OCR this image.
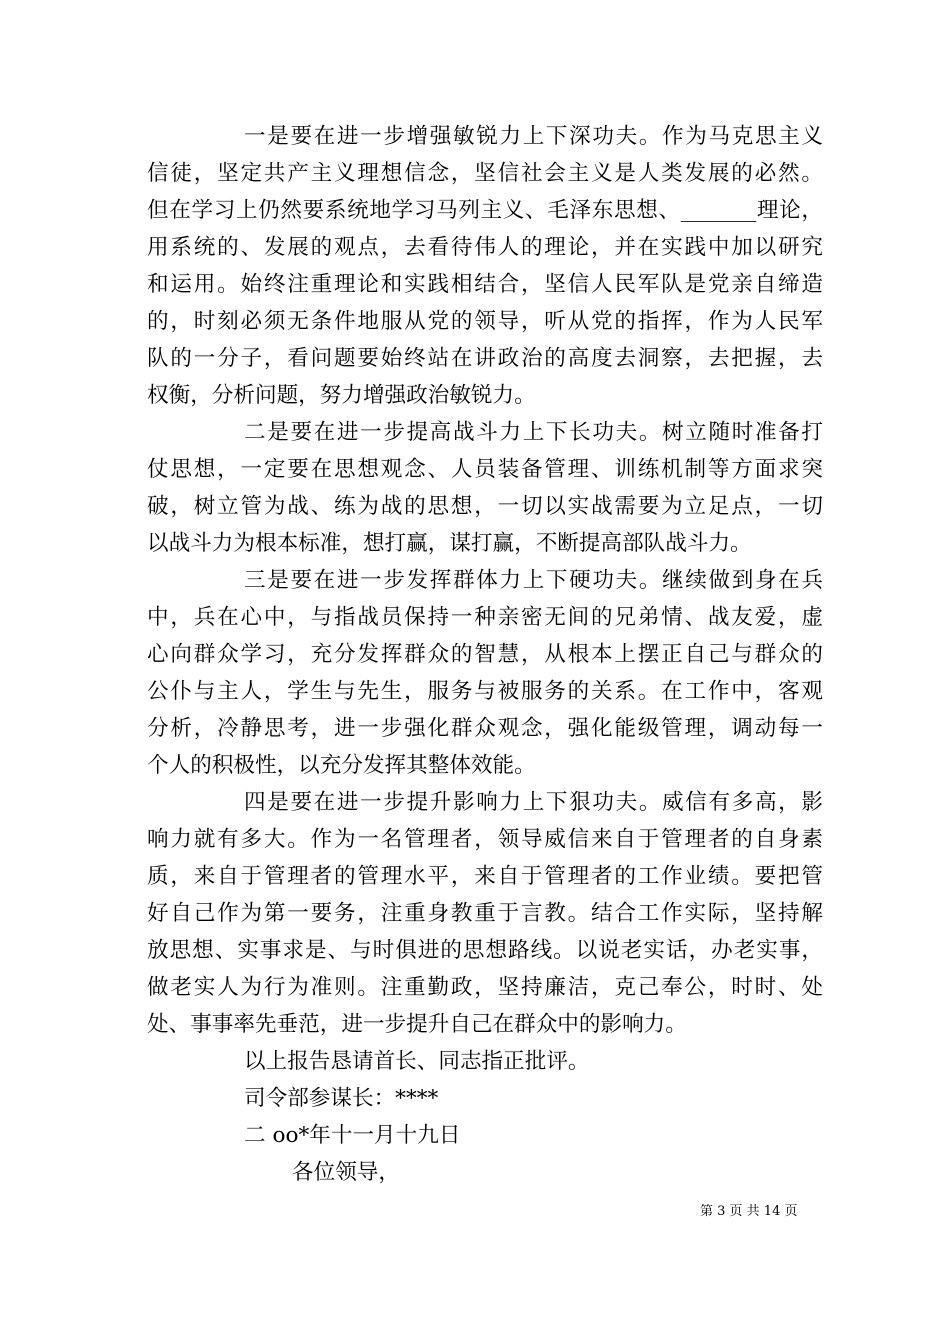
一是要在进一步增强敏锐力上下深功夫。作为马克思主义
信徒，坚定共产主义理想信念，坚信社会主义是人类发展的必然。
但在学习上仍然要系统地学习马列主义、毛泽东思想、_______理论，
用系统的、发展的观点，去看待伟人的理论，并在实践中加以研究
和运用。始终注重理论和实践相结合，坚信人民军队是党亲自缔造
的，时刻必须无条件地服从党的领导，听从党的指挥，作为人民军
队的一分子，看问题要始终站在讲政治的高度去洞察，去把握，去
权衡，分析问题，努力增强政治敏锐力。
二是要在进一步提高战斗力上下长功夫。树立随时准备打
仗思想，一定要在思想观念、人员装备管理、训练机制等方面求突
破，树立管为战、练为战的思想，一切以实战需要为立足点，一切
以战斗力为根本标准，想打赢，谋打赢，不断提高部队战斗力。
三是要在进一步发挥群体力上下硬功夫。继续做到身在兵
中，兵在心中，与指战员保持一种亲密无间的兄弟情、战友爱，虚
心向群众学习，充分发挥群众的智慧，从根本上摆正自己与群众的
公仆与主人，学生与先生，服务与被服务的关系。在工作中，客观
分析，冷静思考，进一步强化群众观念，强化能级管理，调动每一
个人的积极性，以充分发挥其整体效能。
四是要在进一步提升影响力上下狠功夫。威信有多高，影
响力就有多大。作为一名管理者，领导威信来自于管理者的自身素
质，来自于管理者的管理水平，来自于管理者的工作业绩。要把管
好自己作为第一要务，注重身教重于言教。结合工作实际，坚持解
放思想、实事求是、与时俱进的思想路线。以说老实话，办老实事，
做老实人为行为准则。注重勤政，坚持廉洁，克己奉公，时时、处
处、事事率先垂范，进一步提升自己在群众中的影响力。
以上报告恳请首长、同志指正批评。
司令部参谋长：****
二 oo*年十一月十九日
各位领导，
第 3 页 共 14 页
